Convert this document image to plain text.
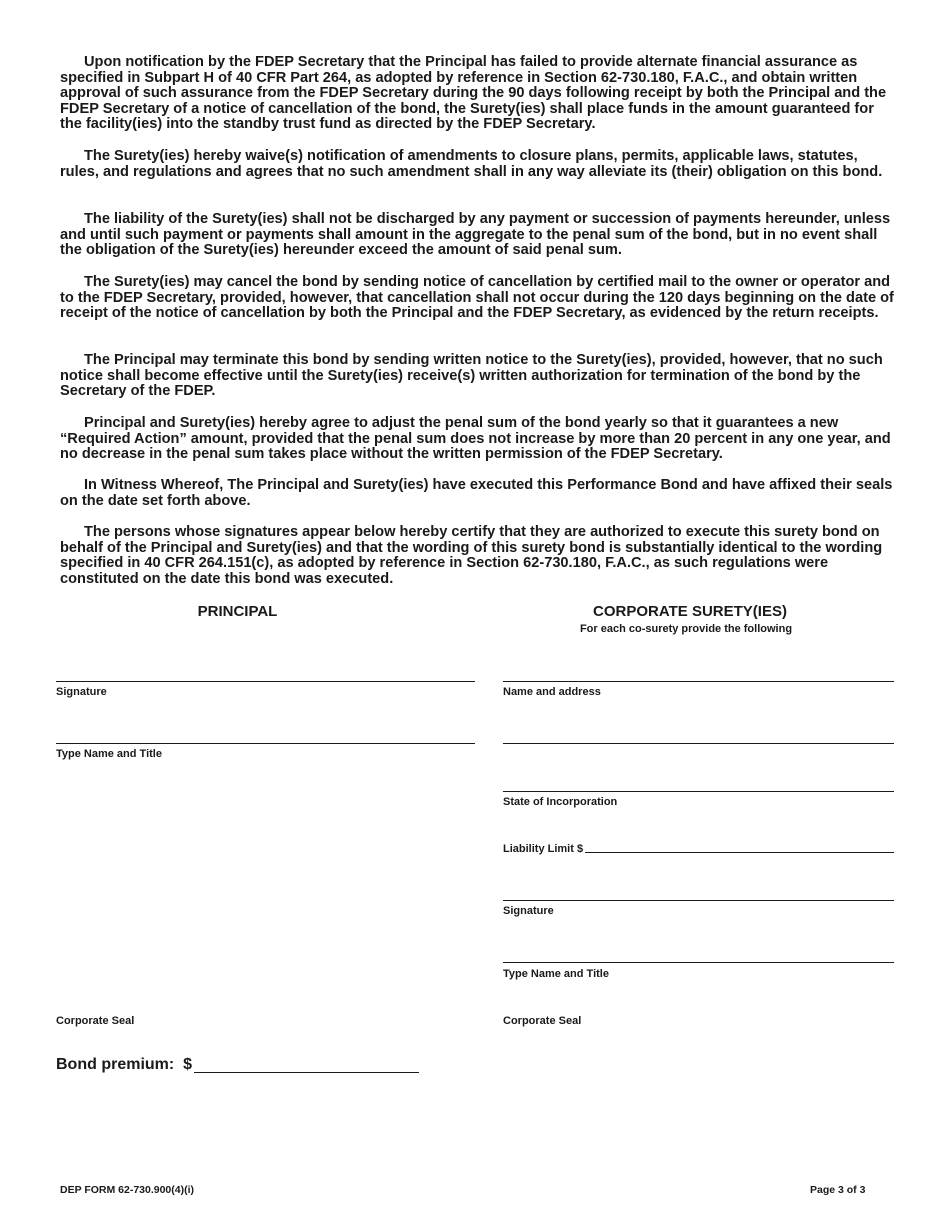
Upon notification by the FDEP Secretary that the Principal has failed to provide alternate financial assurance as specified in Subpart H of 40 CFR Part 264, as adopted by reference in Section 62-730.180, F.A.C., and obtain written approval of such assurance from the FDEP Secretary during the 90 days following receipt by both the Principal and the FDEP Secretary of a notice of cancellation of the bond, the Surety(ies) shall place funds in the amount guaranteed for the facility(ies) into the standby trust fund as directed by the FDEP Secretary.

The Surety(ies) hereby waive(s) notification of amendments to closure plans, permits, applicable laws, statutes, rules, and regulations and agrees that no such amendment shall in any way alleviate its (their) obligation on this bond.

The liability of the Surety(ies) shall not be discharged by any payment or succession of payments hereunder, unless and until such payment or payments shall amount in the aggregate to the penal sum of the bond, but in no event shall the obligation of the Surety(ies) hereunder exceed the amount of said penal sum.

The Surety(ies) may cancel the bond by sending notice of cancellation by certified mail to the owner or operator and to the FDEP Secretary, provided, however, that cancellation shall not occur during the 120 days beginning on the date of receipt of the notice of cancellation by both the Principal and the FDEP Secretary, as evidenced by the return receipts.

The Principal may terminate this bond by sending written notice to the Surety(ies), provided, however, that no such notice shall become effective until the Surety(ies) receive(s) written authorization for termination of the bond by the Secretary of the FDEP.

Principal and Surety(ies) hereby agree to adjust the penal sum of the bond yearly so that it guarantees a new “Required Action” amount, provided that the penal sum does not increase by more than 20 percent in any one year, and no decrease in the penal sum takes place without the written permission of the FDEP Secretary.

In Witness Whereof, The Principal and Surety(ies) have executed this Performance Bond and have affixed their seals on the date set forth above.

The persons whose signatures appear below hereby certify that they are authorized to execute this surety bond on behalf of the Principal and Surety(ies) and that the wording of this surety bond is substantially identical to the wording specified in 40 CFR 264.151(c), as adopted by reference in Section 62-730.180, F.A.C., as such regulations were constituted on the date this bond was executed.

PRINCIPAL
Signature
Type Name and Title
Corporate Seal
CORPORATE SURETY(IES)
For each co-surety provide the following
Name and address
State of Incorporation
Liability Limit $
Signature
Type Name and Title
Corporate Seal
Bond premium:  $
DEP FORM 62-730.900(4)(i)	Page 3 of 3
